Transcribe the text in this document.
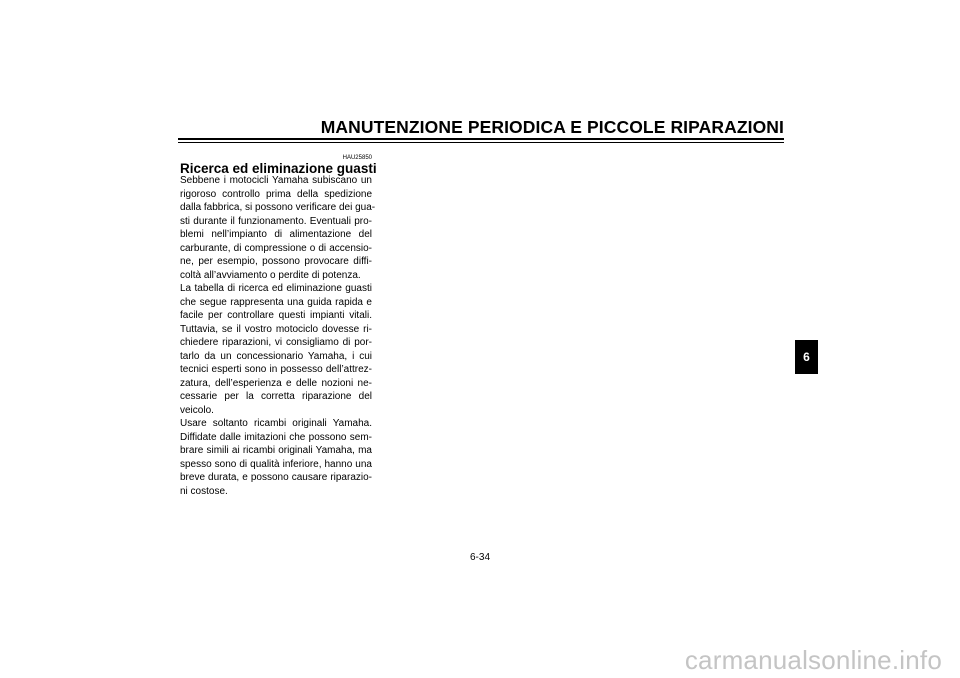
MANUTENZIONE PERIODICA E PICCOLE RIPARAZIONI
HAU25850
Ricerca ed eliminazione guasti
Sebbene i motocicli Yamaha subiscano un
rigoroso controllo prima della spedizione
dalla fabbrica, si possono verificare dei gua-
sti durante il funzionamento. Eventuali pro-
blemi nell’impianto di alimentazione del
carburante, di compressione o di accensio-
ne, per esempio, possono provocare diffi-
coltà all’avviamento o perdite di potenza.
La tabella di ricerca ed eliminazione guasti
che segue rappresenta una guida rapida e
facile per controllare questi impianti vitali.
Tuttavia, se il vostro motociclo dovesse ri-
chiedere riparazioni, vi consigliamo di por-
tarlo da un concessionario Yamaha, i cui
tecnici esperti sono in possesso dell’attrez-
zatura, dell’esperienza e delle nozioni ne-
cessarie per la corretta riparazione del
veicolo.
Usare soltanto ricambi originali Yamaha.
Diffidate dalle imitazioni che possono sem-
brare simili ai ricambi originali Yamaha, ma
spesso sono di qualità inferiore, hanno una
breve durata, e possono causare riparazio-
ni costose.
6
6-34
carmanualsonline.info
